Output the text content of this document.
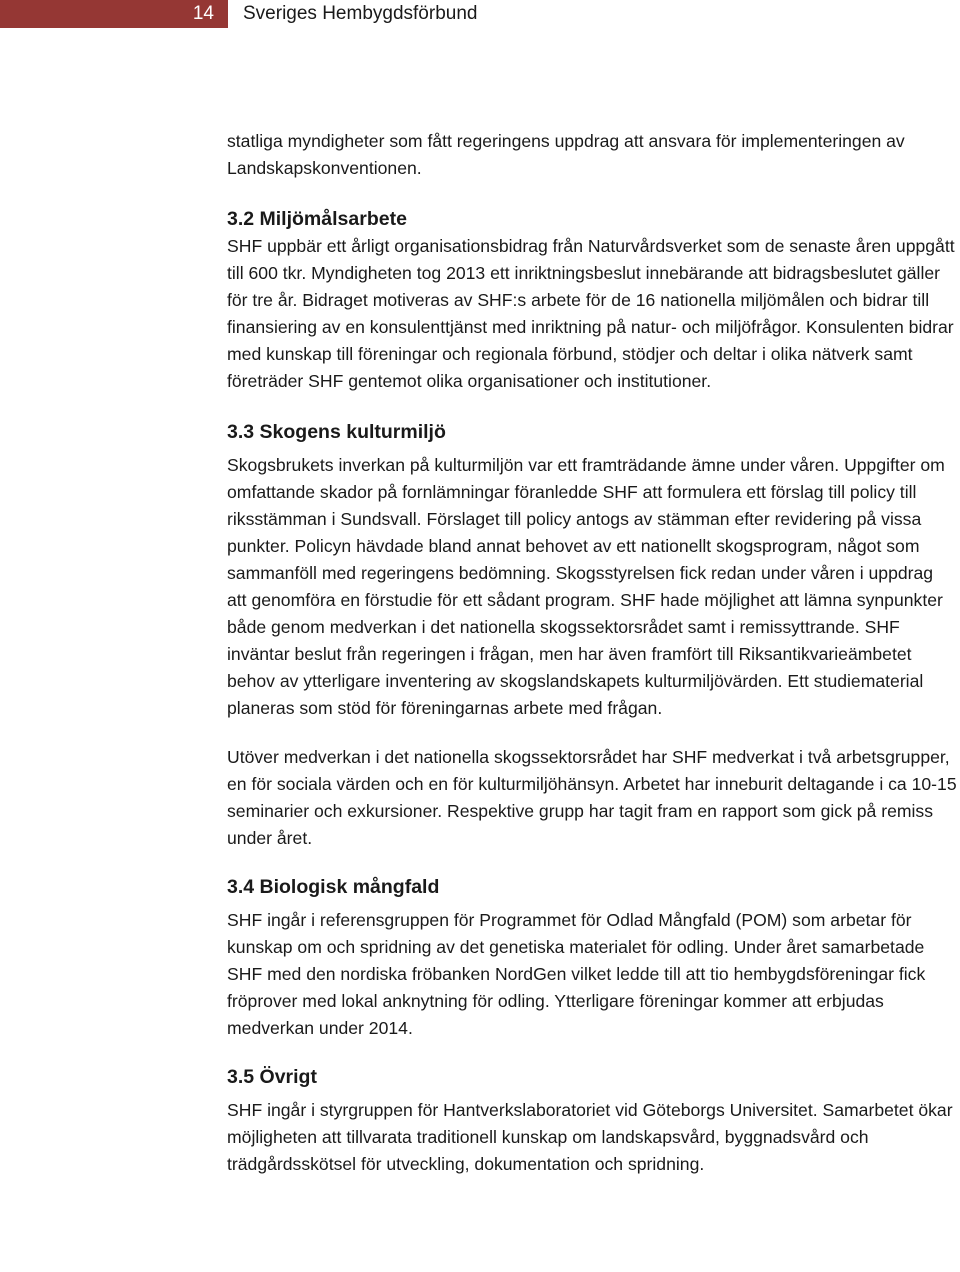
14	Sveriges Hembygdsförbund

statliga myndigheter som fått regeringens uppdrag att ansvara för implementeringen av Landskapskonventionen.

3.2 Miljömålsarbete

SHF uppbär ett årligt organisationsbidrag från Naturvårdsverket som de senaste åren uppgått till 600 tkr. Myndigheten tog 2013 ett inriktningsbeslut innebärande att bidragsbeslutet gäller för tre år. Bidraget motiveras av SHF:s arbete för de 16 nationella miljömålen och bidrar till finansiering av en konsulenttjänst med inriktning på natur- och miljöfrågor. Konsulenten bidrar med kunskap till föreningar och regionala förbund, stödjer och deltar i olika nätverk samt företräder SHF gentemot olika organisationer och institutioner.

3.3 Skogens kulturmiljö

Skogsbrukets inverkan på kulturmiljön var ett framträdande ämne under våren. Uppgifter om omfattande skador på fornlämningar föranledde SHF att formulera ett förslag till policy till riksstämman i Sundsvall. Förslaget till policy antogs av stämman efter revidering på vissa punkter. Policyn hävdade bland annat behovet av ett nationellt skogsprogram, något som sammanföll med regeringens bedömning. Skogsstyrelsen fick redan under våren i uppdrag att genomföra en förstudie för ett sådant program. SHF hade möjlighet att lämna synpunkter både genom medverkan i det nationella skogssektorsrådet samt i remissyttrande. SHF inväntar beslut från regeringen i frågan, men har även framfört till Riksantikvarieämbetet behov av ytterligare inventering av skogslandskapets kulturmiljövärden. Ett studiematerial planeras som stöd för föreningarnas arbete med frågan.

Utöver medverkan i det nationella skogssektorsrådet har SHF medverkat i två arbetsgrupper, en för sociala värden och en för kulturmiljöhänsyn. Arbetet har inneburit deltagande i ca 10-15 seminarier och exkursioner. Respektive grupp har tagit fram en rapport som gick på remiss under året.

3.4 Biologisk mångfald

SHF ingår i referensgruppen för Programmet för Odlad Mångfald (POM) som arbetar för kunskap om och spridning av det genetiska materialet för odling. Under året samarbetade SHF med den nordiska fröbanken NordGen vilket ledde till att tio hembygdsföreningar fick fröprover med lokal anknytning för odling. Ytterligare föreningar kommer att erbjudas medverkan under 2014.

3.5 Övrigt

SHF ingår i styrgruppen för Hantverkslaboratoriet vid Göteborgs Universitet. Samarbetet ökar möjligheten att tillvarata traditionell kunskap om landskapsvård, byggnadsvård och trädgårdsskötsel för utveckling, dokumentation och spridning.
